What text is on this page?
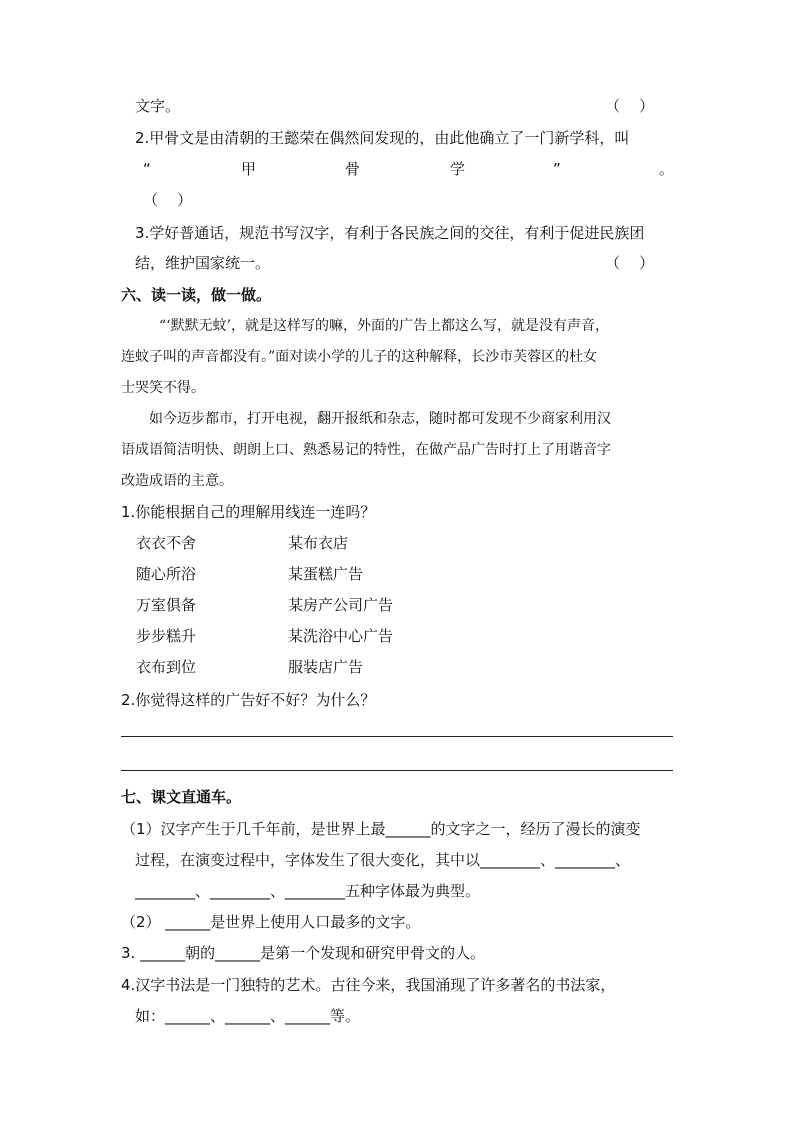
文字。	（    ）
2.甲骨文是由清朝的王懿荣在偶然间发现的，由此他确立了一门新学科，叫
“	甲	骨	学	”	。
（    ）
3.学好普通话，规范书写汉字，有利于各民族之间的交往，有利于促进民族团
结，维护国家统一。	（    ）
六、读一读，做一做。
“‘默默无蚊’，就是这样写的嘛，外面的广告上都这么写，就是没有声音，
连蚊子叫的声音都没有。”面对读小学的儿子的这种解释，长沙市芙蓉区的杜女
士哭笑不得。
如今迈步都市，打开电视，翻开报纸和杂志，随时都可发现不少商家利用汉
语成语简洁明快、朗朗上口、熟悉易记的特性，在做产品广告时打上了用谐音字
改造成语的主意。
1.你能根据自己的理解用线连一连吗？
衣衣不舍	某布衣店
随心所浴	某蛋糕广告
万室俱备	某房产公司广告
步步糕升	某洗浴中心广告
衣布到位	服装店广告
2.你觉得这样的广告好不好？为什么？
七、课文直通车。
（1）汉字产生于几千年前，是世界上最______的文字之一，经历了漫长的演变
过程，在演变过程中，字体发生了很大变化，其中以________、________、
________、________、________五种字体最为典型。
（2） ______是世界上使用人口最多的文字。
3. ______朝的______是第一个发现和研究甲骨文的人。
4.汉字书法是一门独特的艺术。古往今来，我国涌现了许多著名的书法家，
如：______、______、______等。
